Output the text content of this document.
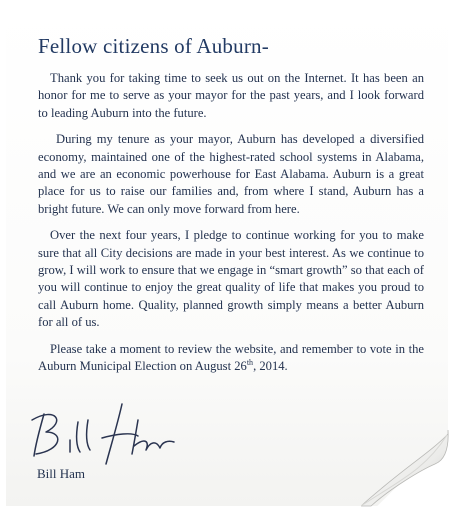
Fellow citizens of Auburn-

Thank you for taking time to seek us out on the Internet. It has been an honor for me to serve as your mayor for the past years, and I look forward to leading Auburn into the future.

During my tenure as your mayor, Auburn has developed a diversified economy, maintained one of the highest-rated school systems in Alabama, and we are an economic powerhouse for East Alabama. Auburn is a great place for us to raise our families and, from where I stand, Auburn has a bright future. We can only move forward from here.

Over the next four years, I pledge to continue working for you to make sure that all City decisions are made in your best interest. As we continue to grow, I will work to ensure that we engage in “smart growth” so that each of you will continue to enjoy the great quality of life that makes you proud to call Auburn home. Quality, planned growth simply means a better Auburn for all of us.

Please take a moment to review the website, and remember to vote in the Auburn Municipal Election on August 26th, 2014.

Bill Ham
